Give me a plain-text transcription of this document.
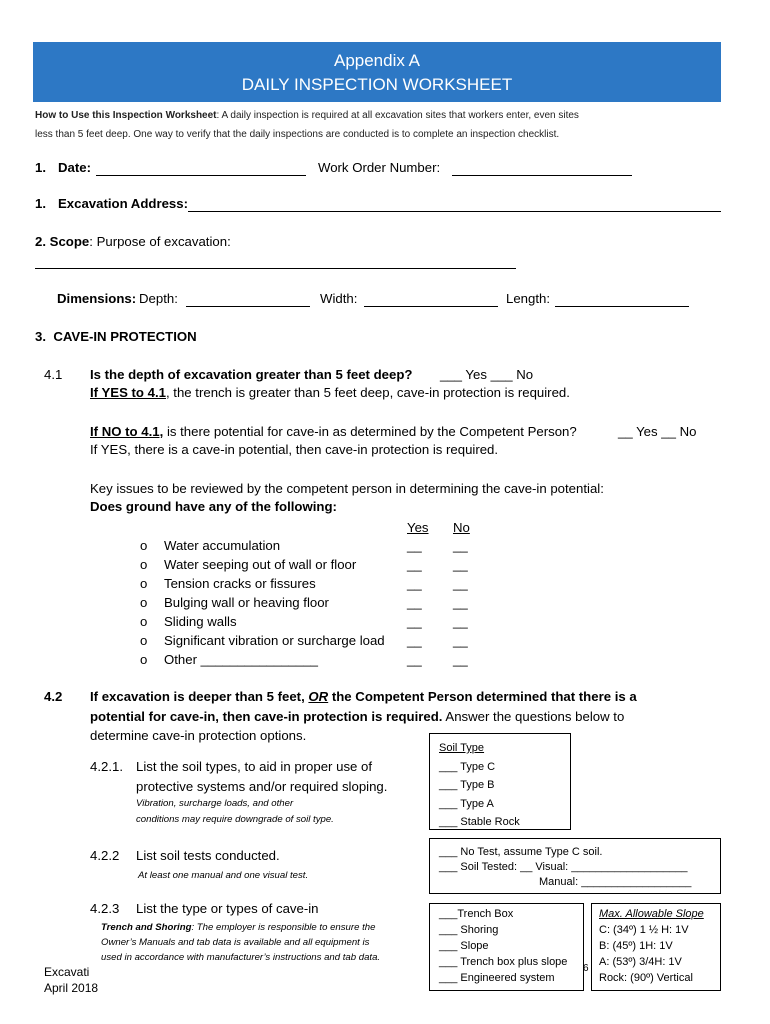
Appendix A
DAILY INSPECTION WORKSHEET
How to Use this Inspection Worksheet: A daily inspection is required at all excavation sites that workers enter, even sites
less than 5 feet deep. One way to verify that the daily inspections are conducted is to complete an inspection checklist.
1. Date:	Work Order Number:
1. Excavation Address:
2. Scope: Purpose of excavation:
Dimensions: Depth:	Width:	Length:
3. CAVE-IN PROTECTION
4.1 Is the depth of excavation greater than 5 feet deep? ___ Yes ___ No
If YES to 4.1, the trench is greater than 5 feet deep, cave-in protection is required.
If NO to 4.1, is there potential for cave-in as determined by the Competent Person?	__ Yes __ No
If YES, there is a cave-in potential, then cave-in protection is required.
Key issues to be reviewed by the competent person in determining the cave-in potential:
Does ground have any of the following:
Yes No
o Water accumulation	__ __
o Water seeping out of wall or floor	__ __
o Tension cracks or fissures	__ __
o Bulging wall or heaving floor	__ __
o Sliding walls	__ __
o Significant vibration or surcharge load __ __
o Other ________________	__ __
4.2 If excavation is deeper than 5 feet, OR the Competent Person determined that there is a
potential for cave-in, then cave-in protection is required. Answer the questions below to
determine cave-in protection options.
4.2.1. List the soil types, to aid in proper use of
protective systems and/or required sloping.
Vibration, surcharge loads, and other
conditions may require downgrade of soil type.
Soil Type
___ Type C
___ Type B
___ Type A
___ Stable Rock
4.2.2 List soil tests conducted.
At least one manual and one visual test.
___ No Test, assume Type C soil.
___ Soil Tested: __ Visual: ___________________
Manual: __________________
4.2.3 List the type or types of cave-in
Trench and Shoring: The employer is responsible to ensure the
Owner’s Manuals and tab data is available and all equipment is
used in accordance with manufacturer’s instructions and tab data.
___Trench Box
___ Shoring
___ Slope
___ Trench box plus slope
___ Engineered system
6
Max. Allowable Slope
C: (34º) 1 ½ H: 1V
B: (45º) 1H: 1V
A: (53º) 3/4H: 1V
Rock: (90º) Vertical
Excavati
April 2018
